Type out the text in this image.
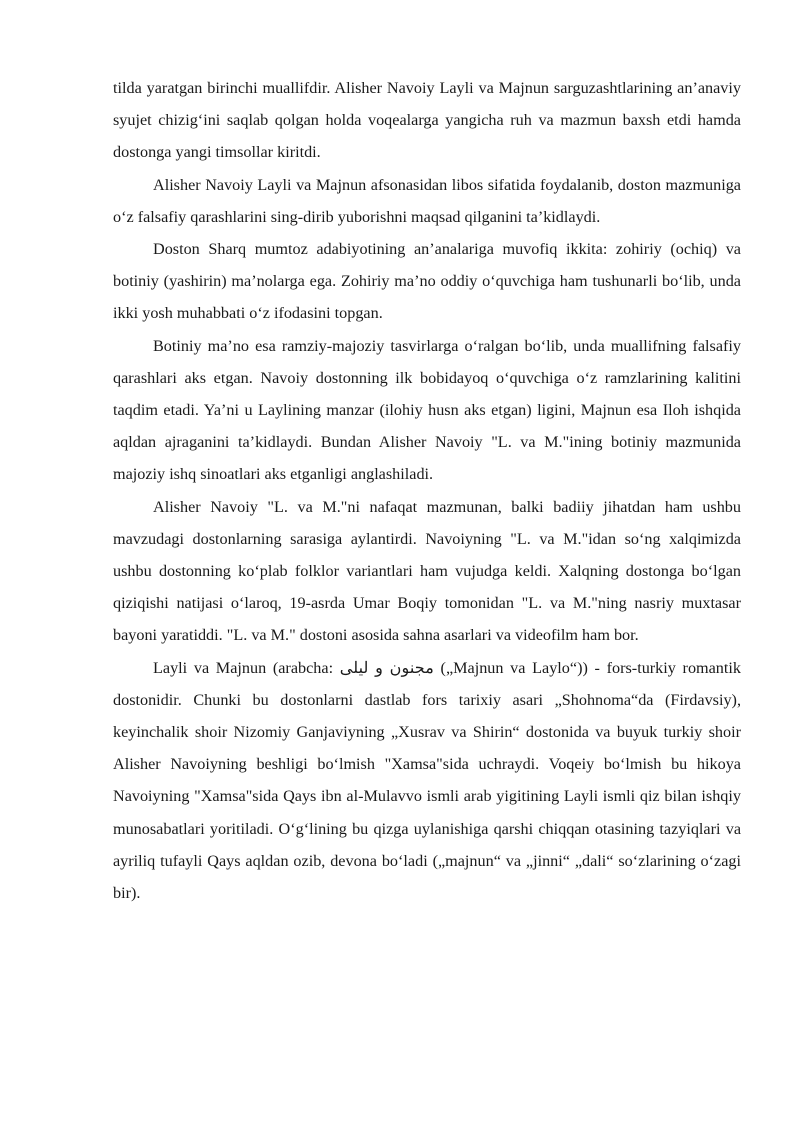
tilda yaratgan birinchi muallifdir. Alisher Navoiy Layli va Majnun sarguzashtlarining an’anaviy syujet chizig‘ini saqlab qolgan holda voqealarga yangicha ruh va mazmun baxsh etdi hamda dostonga yangi timsollar kiritdi.

Alisher Navoiy Layli va Majnun afsonasidan libos sifatida foydalanib, doston mazmuniga o‘z falsafiy qarashlarini sing-dirib yuborishni maqsad qilganini ta’kidlaydi.

Doston Sharq mumtoz adabiyotining an’analariga muvofiq ikkita: zohiriy (ochiq) va botiniy (yashirin) ma’nolarga ega. Zohiriy ma’no oddiy o‘quvchiga ham tushunarli bo‘lib, unda ikki yosh muhabbati o‘z ifodasini topgan.

Botiniy ma’no esa ramziy-majoziy tasvirlarga o‘ralgan bo‘lib, unda muallifning falsafiy qarashlari aks etgan. Navoiy dostonning ilk bobidayoq o‘quvchiga o‘z ramzlarining kalitini taqdim etadi. Ya’ni u Laylining manzar (ilohiy husn aks etgan) ligini, Majnun esa Iloh ishqida aqldan ajraganini ta’kidlaydi. Bundan Alisher Navoiy "L. va M."ining botiniy mazmunida majoziy ishq sinoatlari aks etganligi anglashiladi.

Alisher Navoiy "L. va M."ni nafaqat mazmunan, balki badiiy jihatdan ham ushbu mavzudagi dostonlarning sarasiga aylantirdi. Navoiyning "L. va M."idan so‘ng xalqimizda ushbu dostonning ko‘plab folklor variantlari ham vujudga keldi. Xalqning dostonga bo‘lgan qiziqishi natijasi o‘laroq, 19-asrda Umar Boqiy tomonidan "L. va M."ning nasriy muxtasar bayoni yaratiddi. "L. va M." dostoni asosida sahna asarlari va videofilm ham bor.

Layli va Majnun (arabcha: مجنون و ليلى („Majnun va Laylo“)) - fors-turkiy romantik dostonidir. Chunki bu dostonlarni dastlab fors tarixiy asari „Shohnoma“da (Firdavsiy), keyinchalik shoir Nizomiy Ganjaviyning „Xusrav va Shirin“ dostonida va buyuk turkiy shoir Alisher Navoiyning beshligi bo‘lmish "Xamsa"sida uchraydi. Voqeiy bo‘lmish bu hikoya Navoiyning "Xamsa"sida Qays ibn al-Mulavvo ismli arab yigitining Layli ismli qiz bilan ishqiy munosabatlari yoritiladi. O‘g‘lining bu qizga uylanishiga qarshi chiqqan otasining tazyiqlari va ayriliq tufayli Qays aqldan ozib, devona bo‘ladi („majnun“ va „jinni“ „dali“ so‘zlarining o‘zagi bir).
